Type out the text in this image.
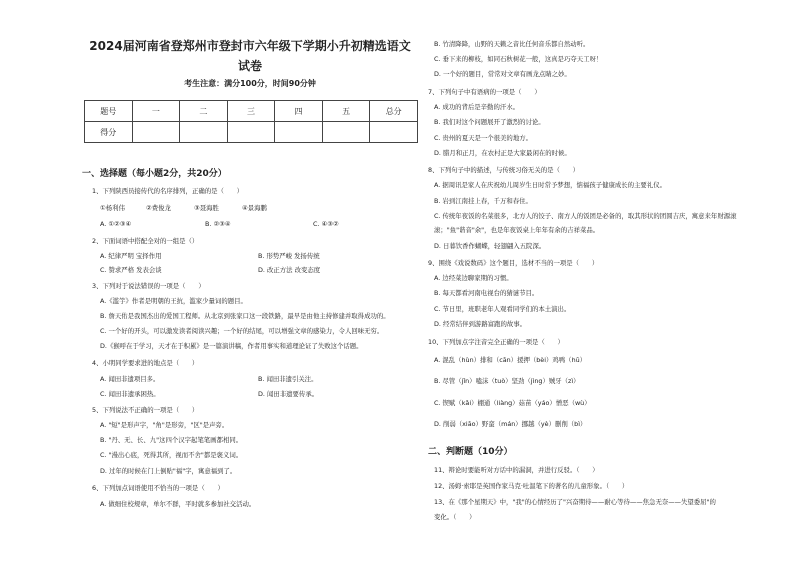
2024届河南省登郑州市登封市六年级下学期小升初精选语文
试卷
考生注意：满分100分，时间90分钟
题号	一	二	三	四	五	总分
得分						
一、选择题（每小题2分，共20分）
1、下列陕西员接传代的名序排列，正确的是（　　）
①杨利伟	②费俊龙	③聂海胜	④景海鹏
A. ①②③④	B. ②③④	C. ④③②
2、下面词语中搭配全对的一组是（）
A. 纪律严明 宝择作用	B. 形势严峻 发扬传统
C. 赞求严格 发表会谈	D. 改正方法 改变态度
3、下列对于说法错误的一项是（　　）
A.《滥竽》作者是明朝的王抗，滥家少量词的题目。
B. 詹天佑是我国杰出的爱国工程师。从北京到张家口这一段铁路，最早是由他主持修建并取得成功的。
C. 一个好的开头，可以激发读者阅读兴趣；一个好的结尾，可以增强文章的感染力，令人回味无穷。
D.《猴呼在于学习，天才在于积累》是一篇演讲稿，作者用事实和道理论证了失败这个话题。
4、小明同学要求进的地点是（　　）
A. 闻田非遗项目多。	B. 闻田非遗引关注。
C. 闻田非遗承困热。	D. 闻田非遗要传承。
5、下列说法不正确的一项是（　　）
A. "短"是形声字，"角"是形旁，"区"是声旁。
B. "丹、无、长、九"这四个汉字起笔笔画都相同。
C. "漫出心底，死得其所，视而不舍"都是褒义词。
D. 过年的时候在门上倒贴"福"字，寓意福到了。
6、下列加点词语使用不恰当的一项是（　　）
A. 做细住校规章，单尔不群，平时就多参加社交活动。
B. 竹清降降，山野的天籁之音比任何音乐都自然动听。
C. 垂下来的柳枝，如同石秋树花一般，这真是巧夺天工呀！
D. 一个好的题目，常常对文章有画龙点睛之妙。
7、下列句子中有语病的一项是（　　）
A. 成功的背后是辛勤的汗水。
B. 我们对这个问题展开了激烈的讨论。
C. 贵州的夏天是一个很美的地方。
D. 腊月和正月，在农村正是大家最闲在的时候。
8、下列句子中的描述，与传统习俗无关的是（　　）
A. 据周讯是家人在庆祝幼儿周岁生日时常予梦想，惦福孩子健康成长的主要礼仪。
B. 岩到江南挂上春，千万和春住。
C. 传统年夜饭的名菜很多，北方人的饺子、南方人的饭团是必备的，取其形状的团圆吉庆，寓意来年财源滚
滚；"鱼"谐音"余"，也是年夜饭桌上年年有余的吉祥菜品。
D. 日暮饮香作蝴蝶，轻翅翩入五院深。
9、围绕《戏说数码》这个题目，选材不当的一项是（　　）
A. 边经菜边聊家期的习惯。
B. 每天都看河南电视台的猜谜节目。
C. 节日里，班职老年人观看同学们的本土演出。
D. 经常结伴到游路富跑的故事。
10、下列加点字注音完全正确的一项是（　　）
A. 混乱（hùn）排和（cān）援押（bèi）鸡鸭（hū）
B. 尽管（jǐn）嗑沫（tuò）坚劲（jìng）贼牙（zì）
C. 锲赋（kǎi）棚通（liàng）菇苗（yáo）憎恶（wù）
D. 削弱（xiāo）野蛮（mán）挪越（yè）删削（bì）
二、判断题（10分）
11、辩论时要能听对方话中的漏洞，并进行反驳。（　　）
12、汤姆·索耶是英国作家马克·吐温笔下的著名的儿童形象。（　　）
13、在《那个星期天》中，"我"的心情经历了"兴奋期待——耐心等待——焦急无奈——失望委屈"的
变化。（　　）
